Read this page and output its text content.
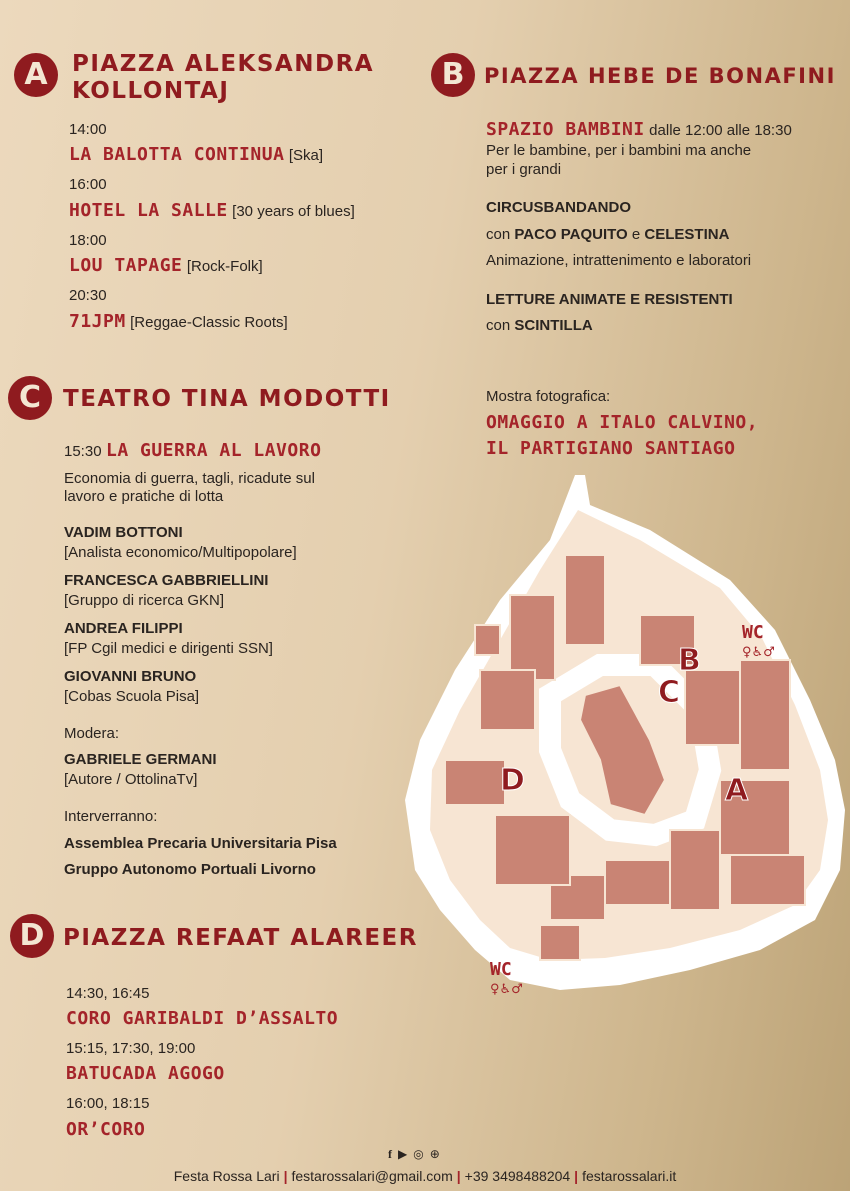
A	PIAZZA ALEKSANDRA
KOLLONTAJ
14:00
LA BALOTTA CONTINUA [Ska]
16:00
HOTEL LA SALLE [30 years of blues]
18:00
LOU TAPAGE [Rock-Folk]
20:30
71JPM [Reggae-Classic Roots]
B PIAZZA HEBE DE BONAFINI
SPAZIO BAMBINI dalle 12:00 alle 18:30
Per le bambine, per i bambini ma anche
per i grandi
CIRCUSBANDANDO
con PACO PAQUITO e CELESTINA
Animazione, intrattenimento e laboratori
LETTURE ANIMATE E RESISTENTI
con SCINTILLA
Mostra fotografica:
OMAGGIO A ITALO CALVINO,
IL PARTIGIANO SANTIAGO
C TEATRO TINA MODOTTI
15:30 LA GUERRA AL LAVORO
Economia di guerra, tagli, ricadute sul
lavoro e pratiche di lotta
VADIM BOTTONI
[Analista economico/Multipopolare]
FRANCESCA GABBRIELLINI
[Gruppo di ricerca GKN]
ANDREA FILIPPI
[FP Cgil medici e dirigenti SSN]
GIOVANNI BRUNO
[Cobas Scuola Pisa]
Modera:
GABRIELE GERMANI
[Autore / OttolinaTv]
Interverranno:
Assemblea Precaria Universitaria Pisa
Gruppo Autonomo Portuali Livorno
D PIAZZA REFAAT ALAREER
14:30, 16:45
CORO GARIBALDI D’ASSALTO
15:15, 17:30, 19:00
BATUCADA AGOGO
16:00, 18:15
OR’CORO
B
C
A
D
WC
♀♿♂
WC
♀♿♂
f ▶ ◎ ⊕
Festa Rossa Lari | festarossalari@gmail.com | +39 3498488204 | festarossalari.it
